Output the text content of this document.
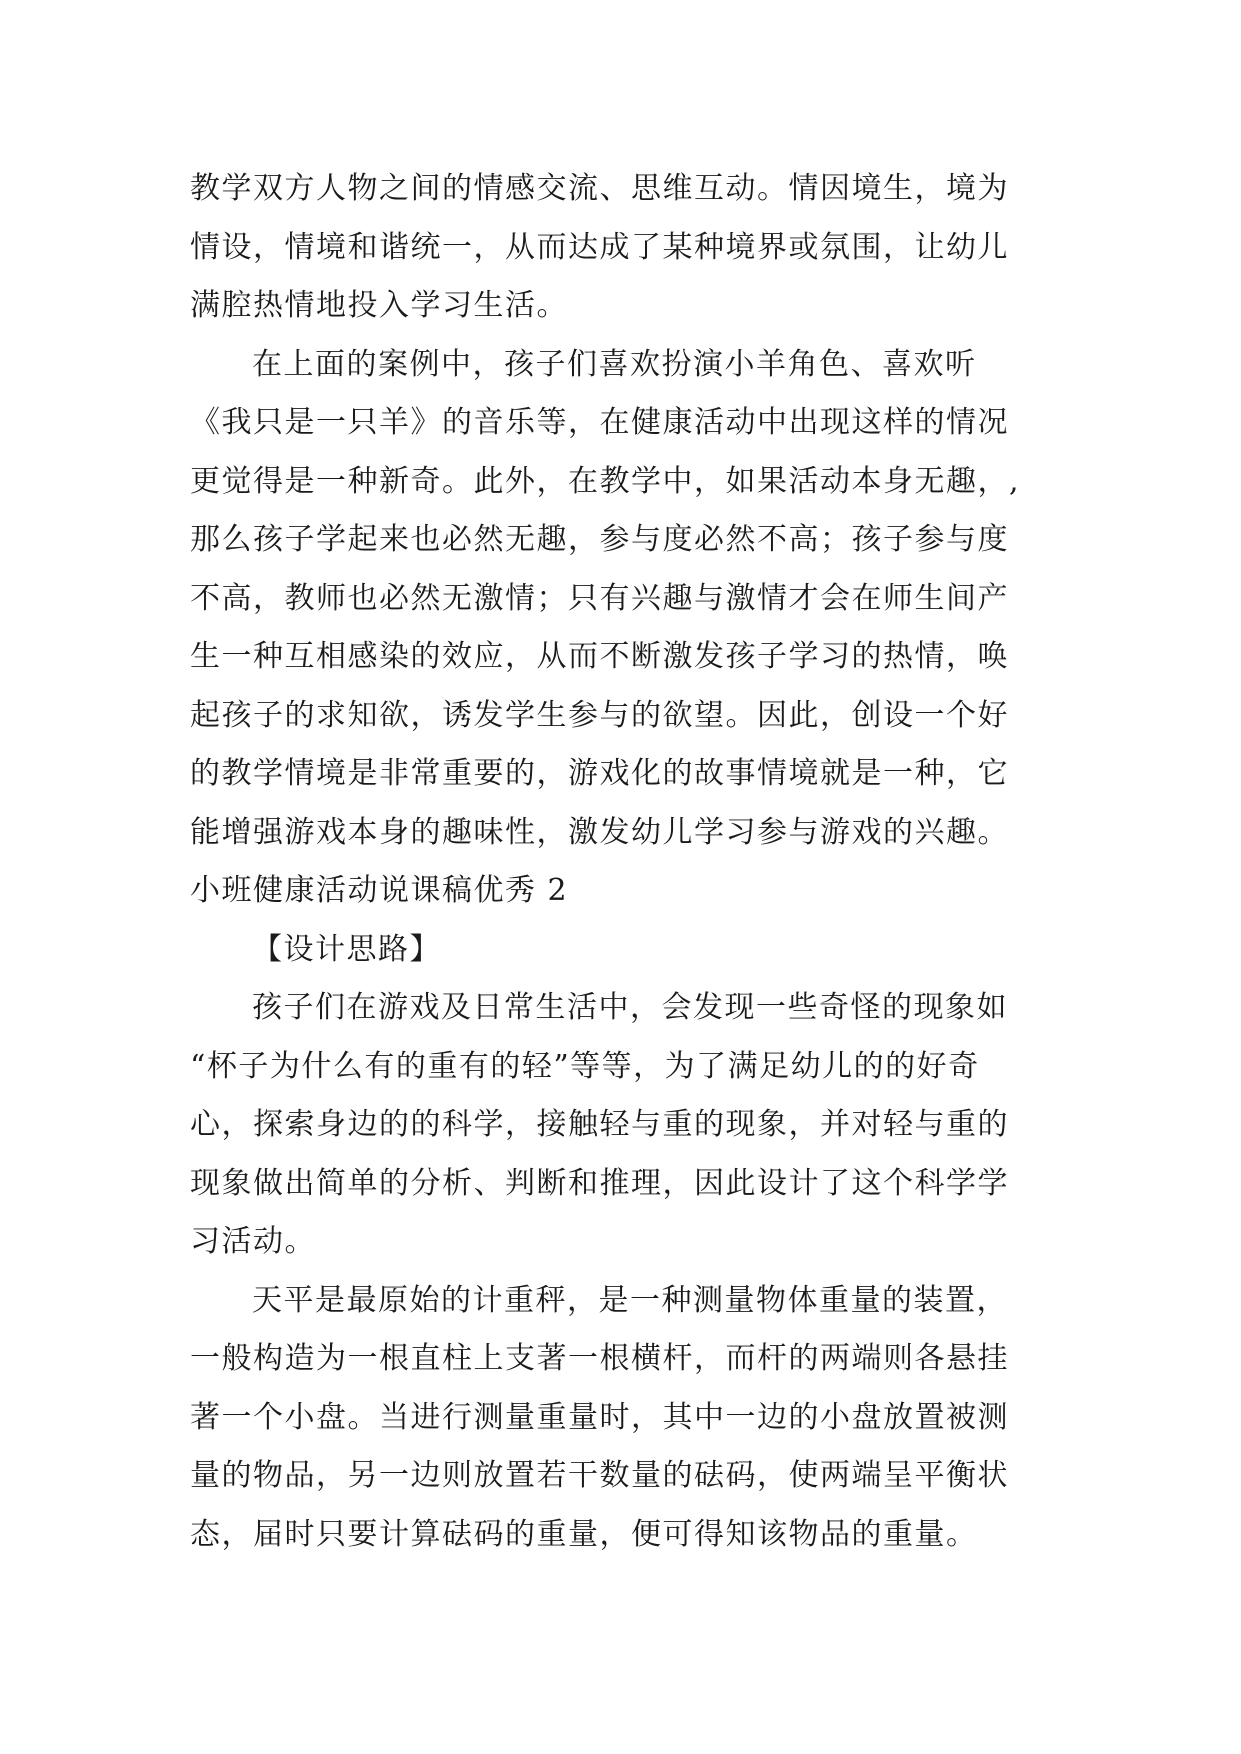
教学双方人物之间的情感交流、思维互动。情因境生，境为
情设，情境和谐统一，从而达成了某种境界或氛围，让幼儿
满腔热情地投入学习生活。
在上面的案例中，孩子们喜欢扮演小羊角色、喜欢听
《我只是一只羊》的音乐等，在健康活动中出现这样的情况
更觉得是一种新奇。此外，在教学中，如果活动本身无趣，,
那么孩子学起来也必然无趣，参与度必然不高；孩子参与度
不高，教师也必然无激情；只有兴趣与激情才会在师生间产
生一种互相感染的效应，从而不断激发孩子学习的热情，唤
起孩子的求知欲，诱发学生参与的欲望。因此，创设一个好
的教学情境是非常重要的，游戏化的故事情境就是一种，它
能增强游戏本身的趣味性，激发幼儿学习参与游戏的兴趣。
小班健康活动说课稿优秀 2
【设计思路】
孩子们在游戏及日常生活中，会发现一些奇怪的现象如
“杯子为什么有的重有的轻”等等，为了满足幼儿的的好奇
心，探索身边的的科学，接触轻与重的现象，并对轻与重的
现象做出简单的分析、判断和推理，因此设计了这个科学学
习活动。
天平是最原始的计重秤，是一种测量物体重量的装置，
一般构造为一根直柱上支著一根横杆，而杆的两端则各悬挂
著一个小盘。当进行测量重量时，其中一边的小盘放置被测
量的物品，另一边则放置若干数量的砝码，使两端呈平衡状
态，届时只要计算砝码的重量，便可得知该物品的重量。
